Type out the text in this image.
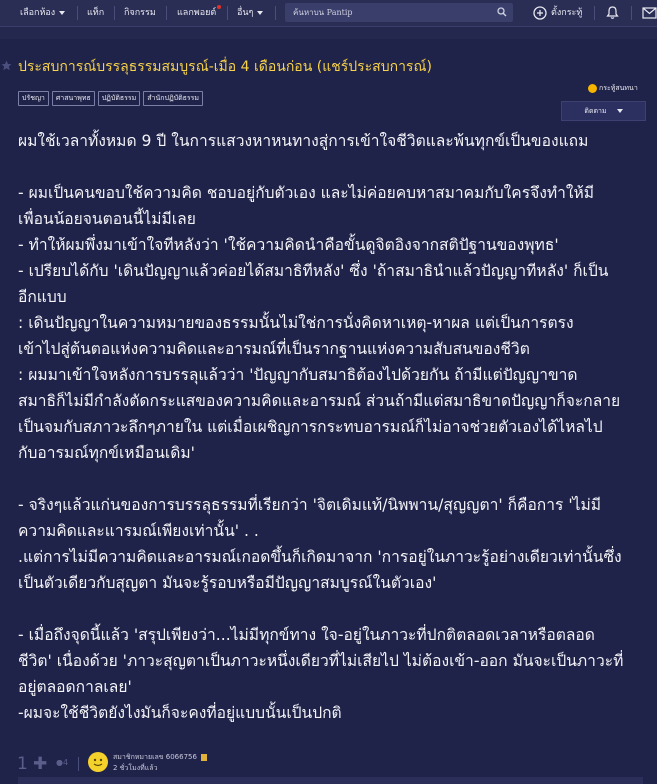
เลือกห้อง	แท็ก กิจกรรม แลกพอยต์ อื่นๆ
ค้นหาบน Pantip	ตั้งกระทู้
ประสบการณ์บรรลุธรรมสมบูรณ์-เมื่อ 4 เดือนก่อน (แชร์ประสบการณ์)
ปรัชญา ศาสนาพุทธ ปฏิบัติธรรม สำนักปฏิบัติธรรม
กระทู้สนทนา
ติดตาม

ผมใช้เวลาทั้งหมด 9 ปี ในการแสวงหาหนทางสู่การเข้าใจชีวิตและพ้นทุกข์เป็นของแถม

- ผมเป็นคนขอบใช้ความคิด ชอบอยู่กับตัวเอง และไม่ค่อยคบหาสมาคมกับใครจึงทำให้มี

เพื่อนน้อยจนตอนนี้ไม่มีเลย

- ทำให้ผมพึ่งมาเข้าใจทีหลังว่า 'ใช้ความคิดนำคือขั้นดูจิตอิงจากสติปัฐานของพุทธ'

- เปรียบได้กับ 'เดินปัญญาแล้วค่อยได้สมาธิทีหลัง' ซึ่ง 'ถ้าสมาธินำแล้วปัญญาทีหลัง' ก็เป็น

อีกแบบ

: เดินปัญญาในความหมายของธรรมนั้นไม่ใช่การนั่งคิดหาเหตุ-หาผล แต่เป็นการตรง

เข้าไปสู่ต้นตอแห่งความคิดและอารมณ์ที่เป็นรากฐานแห่งความสับสนของชีวิต

: ผมมาเข้าใจหลังการบรรลุแล้วว่า 'ปัญญากับสมาธิต้องไปด้วยกัน ถ้ามีแต่ปัญญาขาด

สมาธิก็ไม่มีกำลังตัดกระแสของความคิดและอารมณ์ ส่วนถ้ามีแต่สมาธิขาดปัญญาก็จะกลาย

เป็นจมกับสภาวะลึกๆภายใน แต่เมื่อเผชิญการกระทบอารมณ์ก็ไม่อาจช่วยตัวเองได้ไหลไป

กับอารมณ์ทุกข์เหมือนเดิม'

- จริงๆแล้วแก่นของการบรรลุธรรมที่เรียกว่า 'จิตเดิมแท้/นิพพาน/สุญญตา' ก็คือการ 'ไม่มี

ความคิดและแารมณ์เพียงเท่านั้น' . .

.แต่การไม่มีความคิดและอารมณ์เกอดขึ้นก็เกิดมาจาก 'การอยู่ในภาวะรู้อย่างเดียวเท่านั้นซึ่ง

เป็นตัวเดียวกับสุญตา มันจะรู้รอบหรือมีปัญญาสมบูรณ์ในตัวเอง'

- เมื่อถึงจุดนี้แล้ว 'สรุปเพียงว่า...ไม่มีทุกข์ทาง ใจ-อยู่ในภาวะที่ปกติตลอดเวลาหรือตลอด

ชีวิต' เนื่องด้วย 'ภาวะสุญตาเป็นภาวะหนึ่งเดียวที่ไม่เสียไป ไม่ต้องเข้า-ออก มันจะเป็นภาวะที่

อยู่ตลอดกาลเลย'

-ผมจะใช้ชีวิตยังไงมันก็จะคงที่อยู่แบบนั้นเป็นปกติ

1 ✚ ●4
สมาชิกหมายเลข 6066756
2 ชั่วโมงที่แล้ว
